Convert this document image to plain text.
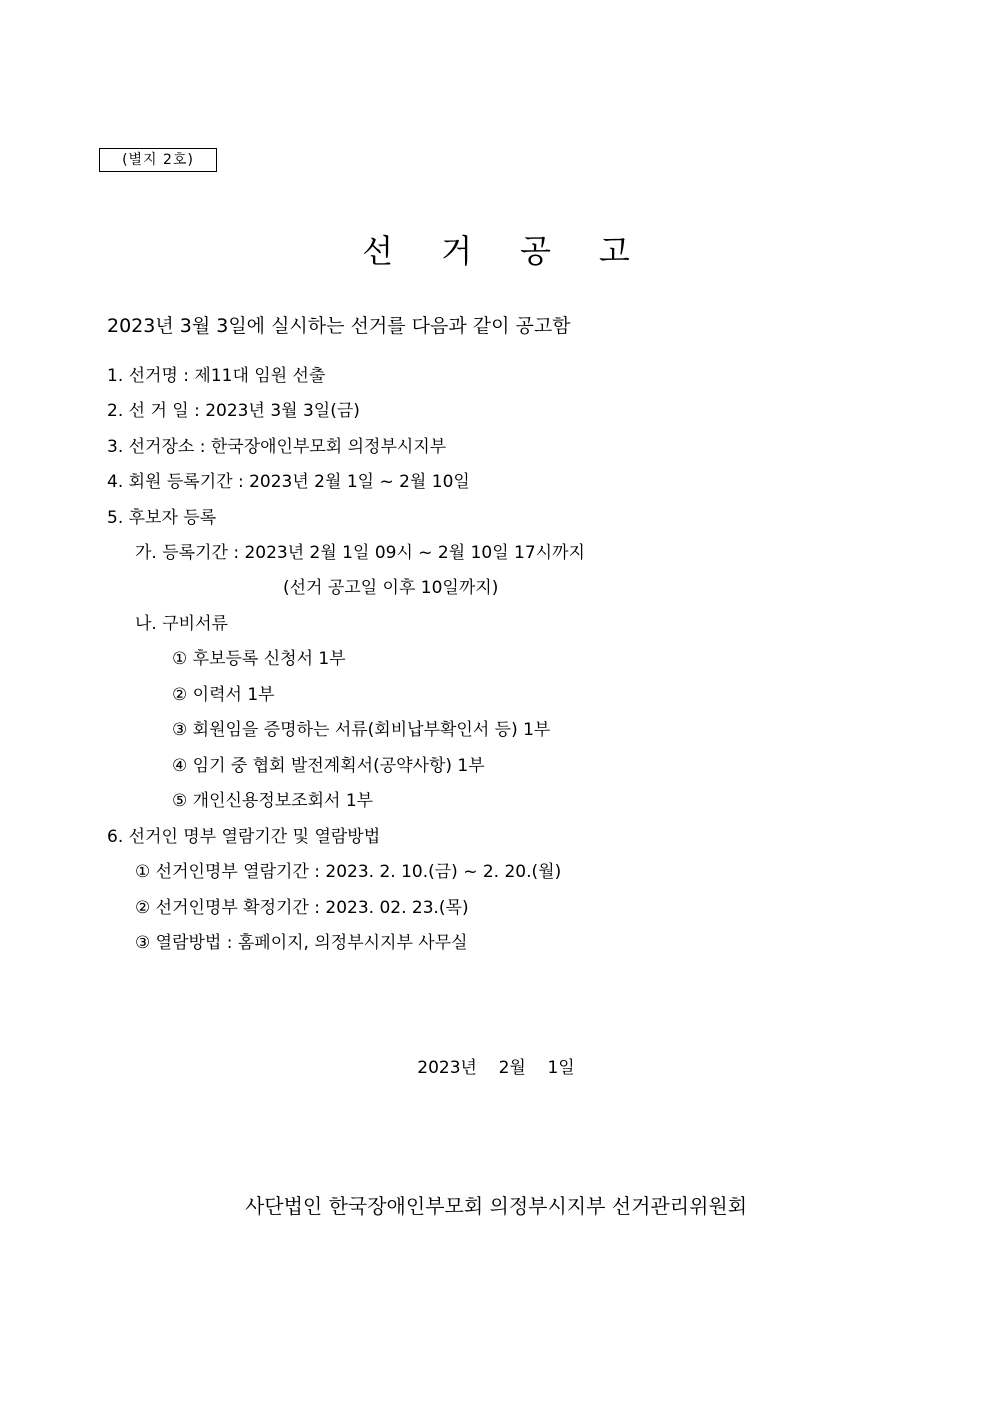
(별지 2호)
선거공고
2023년 3월 3일에 실시하는 선거를 다음과 같이 공고함
1. 선거명 : 제11대 임원 선출
2. 선 거 일 : 2023년 3월 3일(금)
3. 선거장소 : 한국장애인부모회 의정부시지부
4. 회원 등록기간 : 2023년 2월 1일 ~ 2월 10일
5. 후보자 등록
가. 등록기간 : 2023년 2월 1일 09시 ~ 2월 10일 17시까지
(선거 공고일 이후 10일까지)
나. 구비서류
① 후보등록 신청서 1부
② 이력서 1부
③ 회원임을 증명하는 서류(회비납부확인서 등) 1부
④ 임기 중 협회 발전계획서(공약사항) 1부
⑤ 개인신용정보조회서 1부
6. 선거인 명부 열람기간 및 열람방법
① 선거인명부 열람기간 : 2023. 2. 10.(금) ~ 2. 20.(월)
② 선거인명부 확정기간 : 2023. 02. 23.(목)
③ 열람방법 : 홈페이지, 의정부시지부 사무실
2023년    2월    1일
사단법인 한국장애인부모회 의정부시지부 선거관리위원회
